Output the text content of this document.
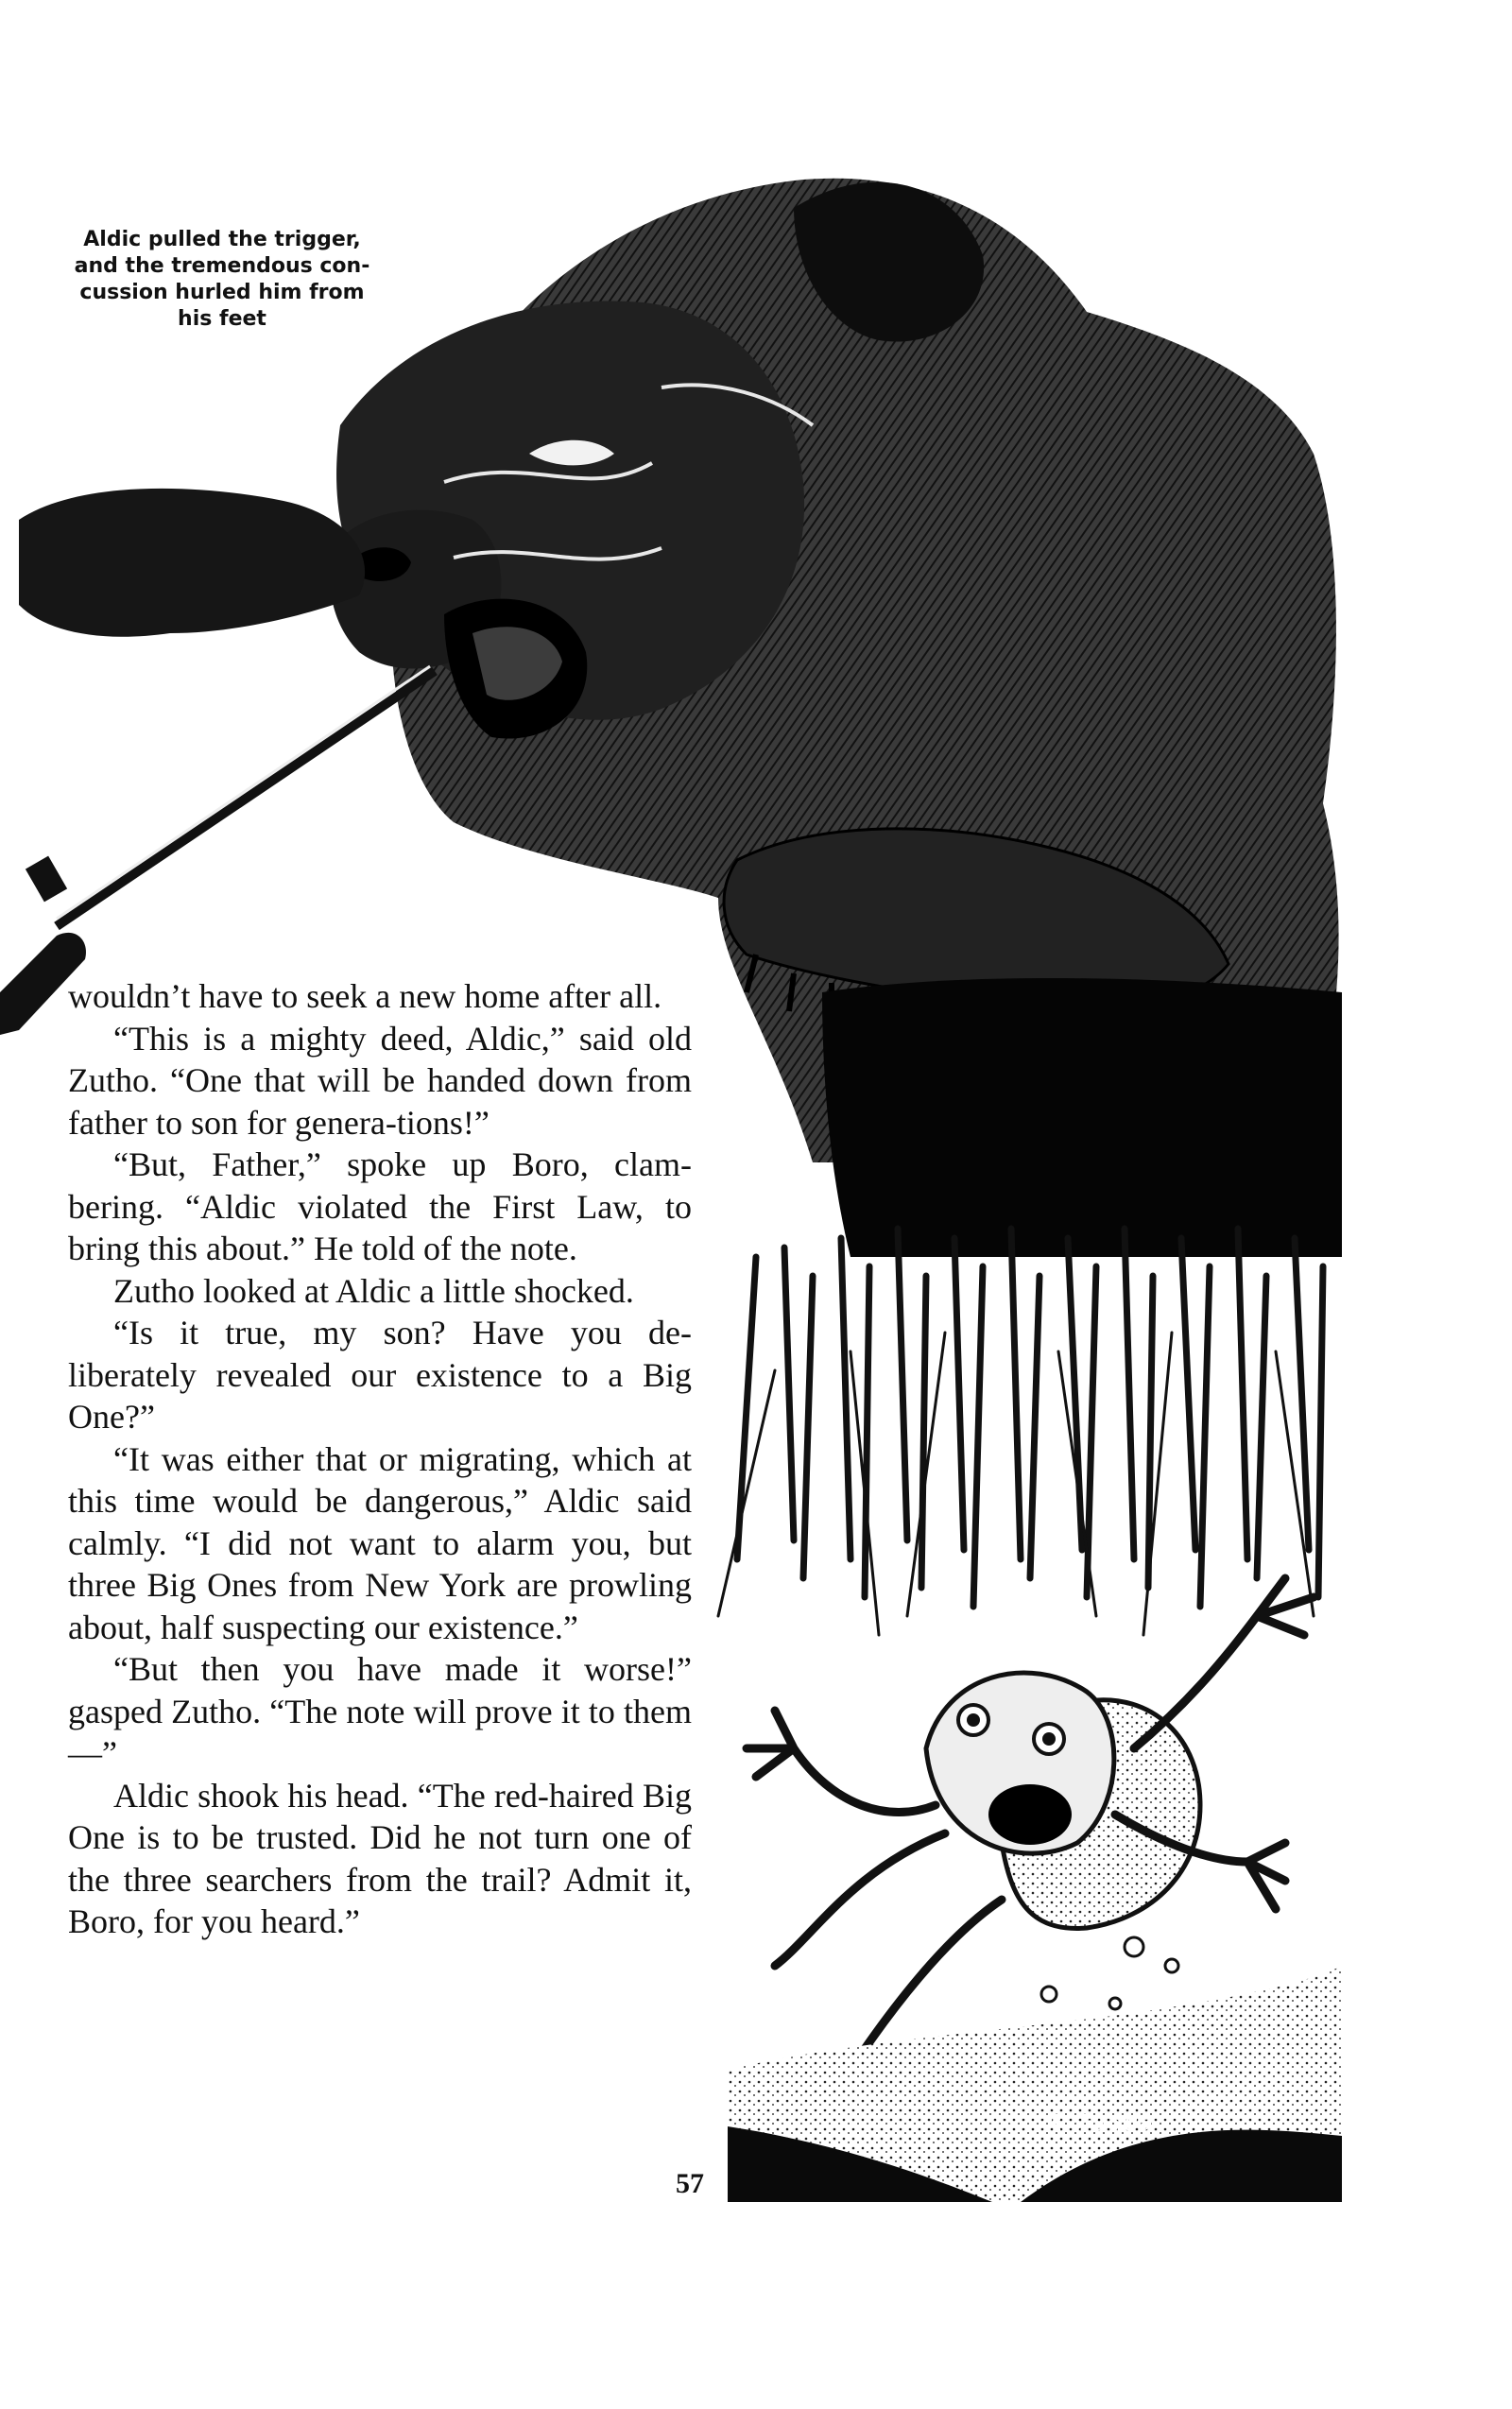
Aldic pulled the trigger,
and the tremendous con-
cussion hurled him from
his feet

wouldn’t have to seek a new home after all.

“This is a mighty deed, Aldic,” said old Zutho. “One that will be handed down from father to son for genera-tions!”

“But, Father,” spoke up Boro, clam-bering. “Aldic violated the First Law, to bring this about.” He told of the note.

Zutho looked at Aldic a little shocked.

“Is it true, my son? Have you de-liberately revealed our existence to a Big One?”

“It was either that or migrating, which at this time would be dangerous,” Aldic said calmly. “I did not want to alarm you, but three Big Ones from New York are prowling about, half suspecting our existence.”

“But then you have made it worse!” gasped Zutho. “The note will prove it to them—”

Aldic shook his head. “The red-haired Big One is to be trusted. Did he not turn one of the three searchers from the trail? Admit it, Boro, for you heard.”

R. Fuqua
57
